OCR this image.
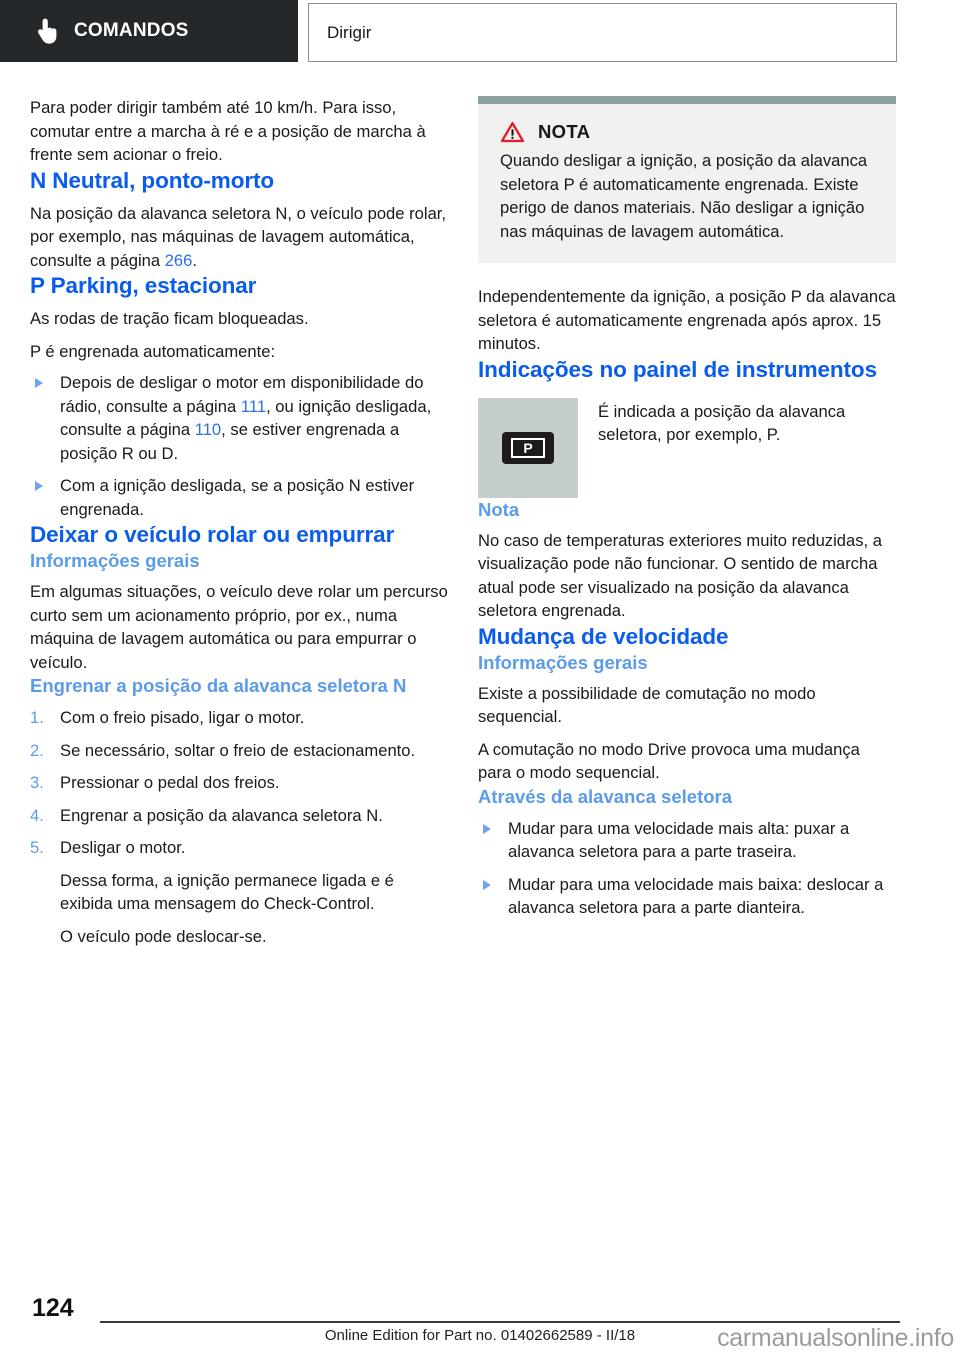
COMANDOS	Dirigir

Para poder dirigir também até 10 km/h. Para isso, comutar entre a marcha à ré e a posição de marcha à frente sem acionar o freio.

N Neutral, ponto-morto

Na posição da alavanca seletora N, o veículo pode rolar, por exemplo, nas máquinas de lavagem automática, consulte a página 266.

P Parking, estacionar

As rodas de tração ficam bloqueadas.

P é engrenada automaticamente:

Depois de desligar o motor em disponibilidade do rádio, consulte a página 111, ou ignição desligada, consulte a página 110, se estiver engrenada a posição R ou D.
Com a ignição desligada, se a posição N estiver engrenada.
Deixar o veículo rolar ou empurrar
Informações gerais

Em algumas situações, o veículo deve rolar um percurso curto sem um acionamento próprio, por ex., numa máquina de lavagem automática ou para empurrar o veículo.

Engrenar a posição da alavanca seletora N
1. Com o freio pisado, ligar o motor.
2. Se necessário, soltar o freio de estacionamento.
3. Pressionar o pedal dos freios.
4. Engrenar a posição da alavanca seletora N.
5. Desligar o motor.
Dessa forma, a ignição permanece ligada e é exibida uma mensagem do Check-Control.
O veículo pode deslocar-se.
NOTA
Quando desligar a ignição, a posição da alavanca seletora P é automaticamente engrenada. Existe perigo de danos materiais. Não desligar a ignição nas máquinas de lavagem automática.

Independentemente da ignição, a posição P da alavanca seletora é automaticamente engrenada após aprox. 15 minutos.

Indicações no painel de instrumentos
P
É indicada a posição da alavanca seletora, por exemplo, P.
Nota

No caso de temperaturas exteriores muito reduzidas, a visualização pode não funcionar. O sentido de marcha atual pode ser visualizado na posição da alavanca seletora engrenada.

Mudança de velocidade
Informações gerais

Existe a possibilidade de comutação no modo sequencial.

A comutação no modo Drive provoca uma mudança para o modo sequencial.

Através da alavanca seletora
Mudar para uma velocidade mais alta: puxar a alavanca seletora para a parte traseira.
Mudar para uma velocidade mais baixa: deslocar a alavanca seletora para a parte dianteira.
124
Online Edition for Part no. 01402662589 - II/18	carmanualsonline.info
